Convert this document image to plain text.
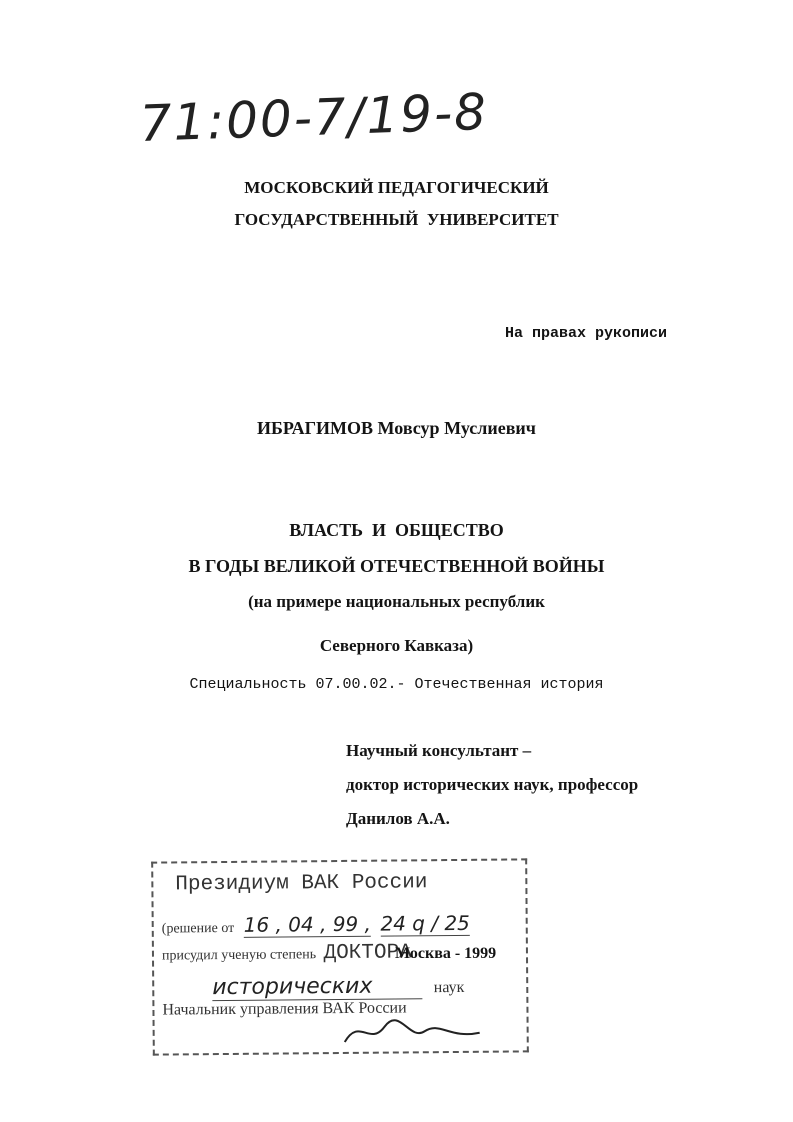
71:00-7/19-8
МОСКОВСКИЙ ПЕДАГОГИЧЕСКИЙ
ГОСУДАРСТВЕННЫЙ  УНИВЕРСИТЕТ
На правах рукописи
ИБРАГИМОВ Мовсур Муслиевич
ВЛАСТЬ  И  ОБЩЕСТВО
В ГОДЫ ВЕЛИКОЙ ОТЕЧЕСТВЕННОЙ ВОЙНЫ
(на примере национальных республик
Северного Кавказа)
Специальность 07.00.02.- Отечественная история
Научный консультант –
доктор исторических наук, профессор
Данилов А.А.
Президиум ВАК России
(решение от 16 , 04 , 99 , 24 q / 25
присудил ученую степень ДОКТОРА
исторических	наук
Начальник управления ВАК России
Москва - 1999
